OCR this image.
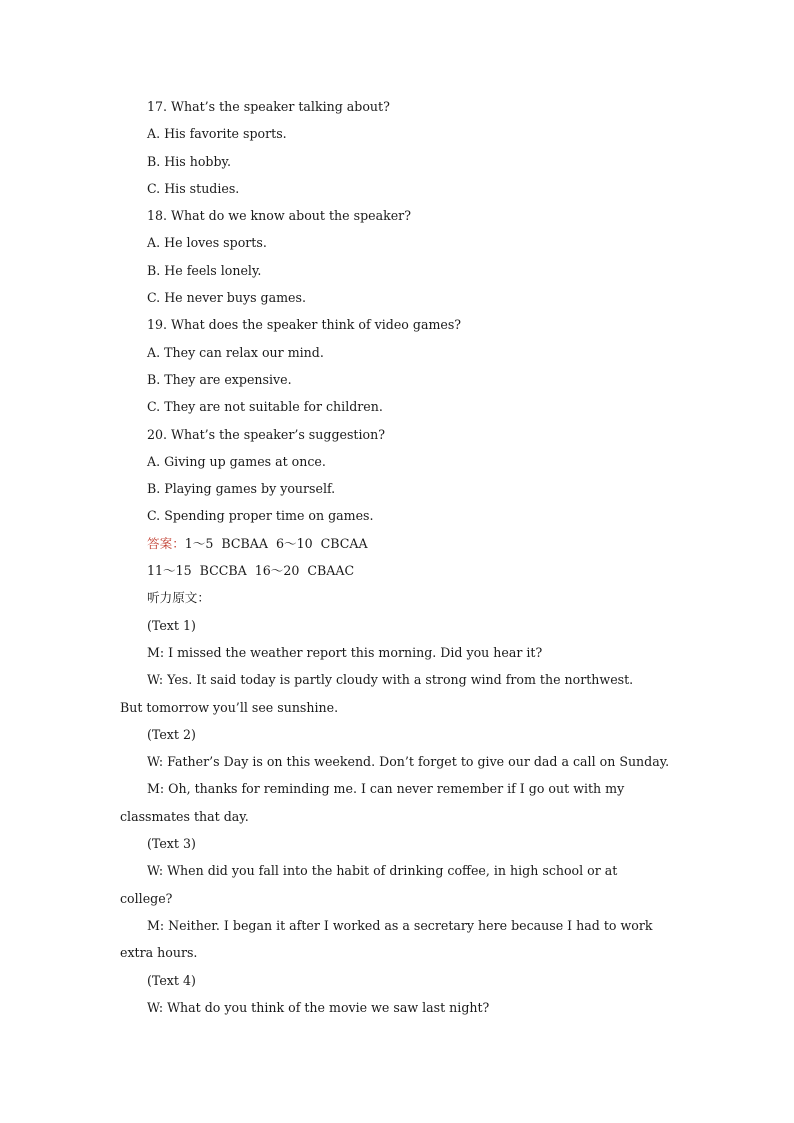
17. What’s the speaker talking about?

A. His favorite sports.

B. His hobby.

C. His studies.

18. What do we know about the speaker?

A. He loves sports.

B. He feels lonely.

C. He never buys games.

19. What does the speaker think of video games?

A. They can relax our mind.

B. They are expensive.

C. They are not suitable for children.

20. What’s the speaker’s suggestion?

A. Giving up games at once.

B. Playing games by yourself.

C. Spending proper time on games.

答案：1～5  BCBAA  6～10  CBCAA

11～15  BCCBA  16～20  CBAAC

听力原文：

(Text 1)

M: I missed the weather report this morning. Did you hear it?

W: Yes. It said today is partly cloudy with a strong wind from the northwest.

But tomorrow you’ll see sunshine.

(Text 2)

W: Father’s Day is on this weekend. Don’t forget to give our dad a call on Sunday.

M: Oh, thanks for reminding me. I can never remember if I go out with my

classmates that day.

(Text 3)

W: When did you fall into the habit of drinking coffee, in high school or at

college?

M: Neither. I began it after I worked as a secretary here because I had to work

extra hours.

(Text 4)

W: What do you think of the movie we saw last night?
